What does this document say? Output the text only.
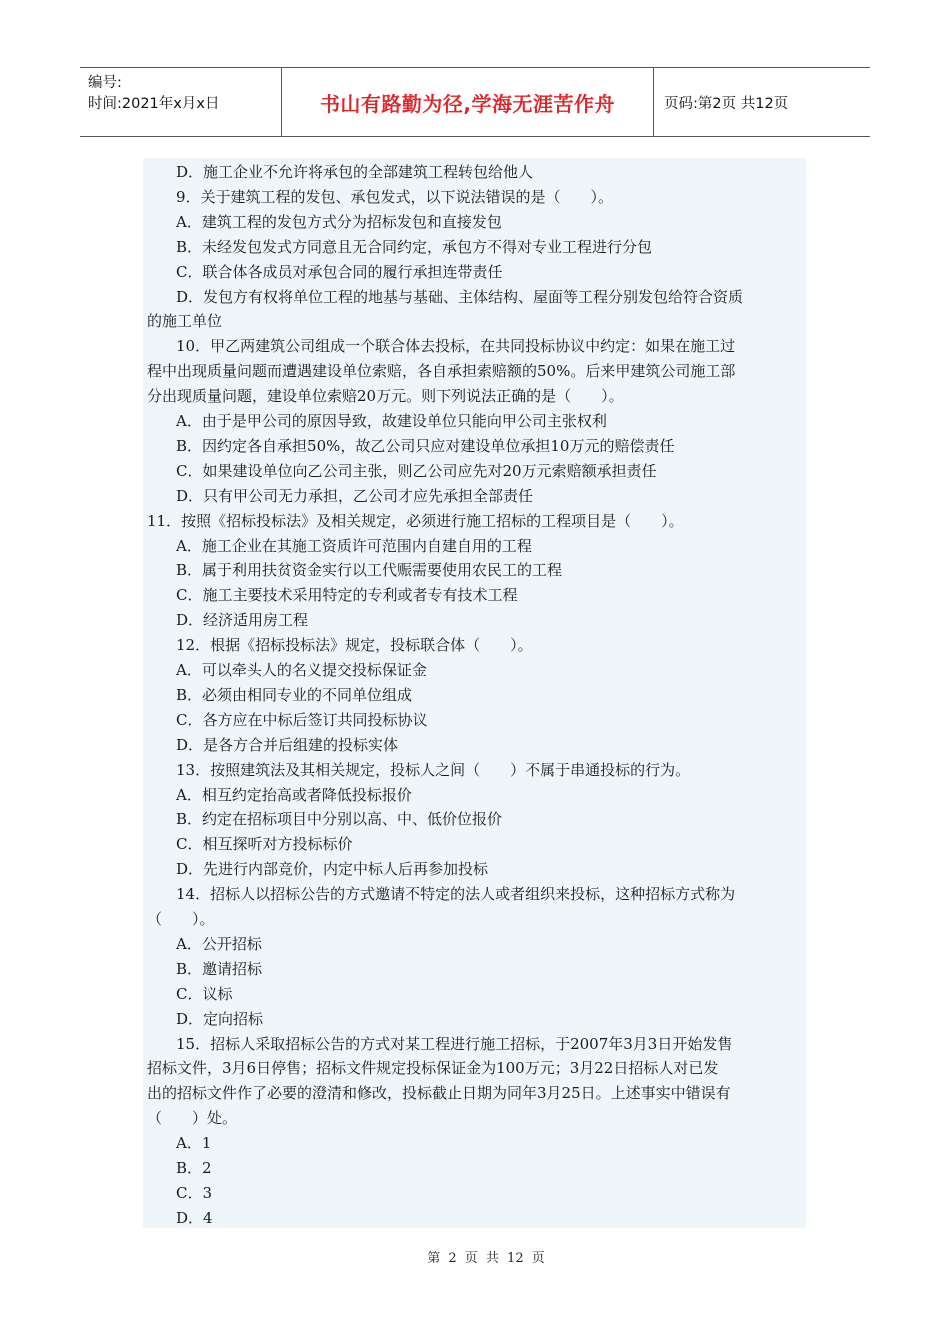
编号:
时间:2021年x月x日	书山有路勤为径,学海无涯苦作舟	页码:第2页 共12页
D．施工企业不允许将承包的全部建筑工程转包给他人
9．关于建筑工程的发包、承包发式，以下说法错误的是（　　）。
A．建筑工程的发包方式分为招标发包和直接发包
B．未经发包发式方同意且无合同约定，承包方不得对专业工程进行分包
C．联合体各成员对承包合同的履行承担连带责任
D．发包方有权将单位工程的地基与基础、主体结构、屋面等工程分别发包给符合资质
的施工单位
10．甲乙两建筑公司组成一个联合体去投标，在共同投标协议中约定：如果在施工过
程中出现质量问题而遭遇建设单位索赔，各自承担索赔额的50%。后来甲建筑公司施工部
分出现质量问题，建设单位索赔20万元。则下列说法正确的是（　　）。
A．由于是甲公司的原因导致，故建设单位只能向甲公司主张权利
B．因约定各自承担50%，故乙公司只应对建设单位承担10万元的赔偿责任
C．如果建设单位向乙公司主张，则乙公司应先对20万元索赔额承担责任
D．只有甲公司无力承担，乙公司才应先承担全部责任
11．按照《招标投标法》及相关规定，必须进行施工招标的工程项目是（　　）。
A．施工企业在其施工资质许可范围内自建自用的工程
B．属于利用扶贫资金实行以工代赈需要使用农民工的工程
C．施工主要技术采用特定的专利或者专有技术工程
D．经济适用房工程
12．根据《招标投标法》规定，投标联合体（　　）。
A．可以牵头人的名义提交投标保证金
B．必须由相同专业的不同单位组成
C．各方应在中标后签订共同投标协议
D．是各方合并后组建的投标实体
13．按照建筑法及其相关规定，投标人之间（　　）不属于串通投标的行为。
A．相互约定抬高或者降低投标报价
B．约定在招标项目中分别以高、中、低价位报价
C．相互探听对方投标标价
D．先进行内部竞价，内定中标人后再参加投标
14．招标人以招标公告的方式邀请不特定的法人或者组织来投标，这种招标方式称为
（　　）。
A．公开招标
B．邀请招标
C．议标
D．定向招标
15．招标人采取招标公告的方式对某工程进行施工招标，于2007年3月3日开始发售
招标文件，3月6日停售；招标文件规定投标保证金为100万元；3月22日招标人对已发
出的招标文件作了必要的澄清和修改，投标截止日期为同年3月25日。上述事实中错误有
（　　）处。
A．1
B．2
C．3
D．4
第 2 页 共 12 页
